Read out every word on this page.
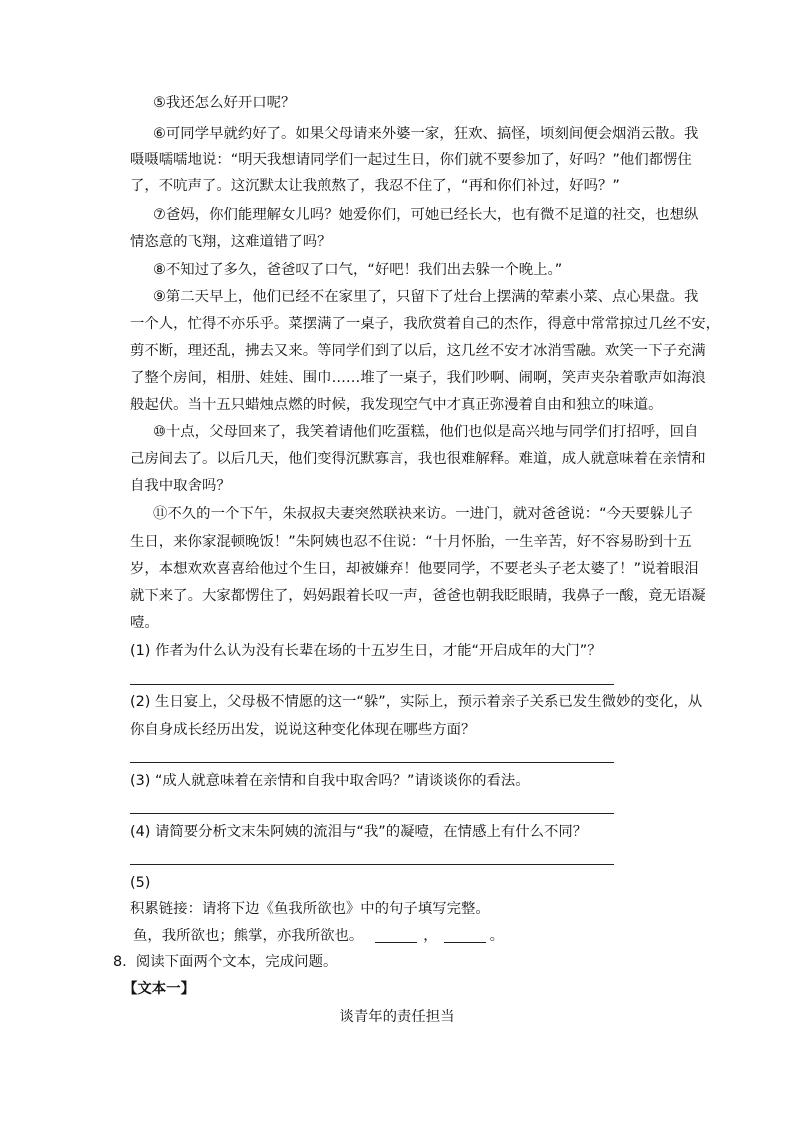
⑤我还怎么好开口呢？
⑥可同学早就约好了。如果父母请来外婆一家，狂欢、搞怪，顷刻间便会烟消云散。我
嗫嗫嚅嚅地说：“明天我想请同学们一起过生日，你们就不要参加了，好吗？”他们都愣住
了，不吭声了。这沉默太让我煎熬了，我忍不住了，“再和你们补过，好吗？”
⑦爸妈，你们能理解女儿吗？她爱你们，可她已经长大，也有微不足道的社交，也想纵
情恣意的飞翔，这难道错了吗？
⑧不知过了多久，爸爸叹了口气，“好吧！我们出去躲一个晚上。”
⑨第二天早上，他们已经不在家里了，只留下了灶台上摆满的荤素小菜、点心果盘。我
一个人，忙得不亦乐乎。菜摆满了一桌子，我欣赏着自己的杰作，得意中常常掠过几丝不安，
剪不断，理还乱，拂去又来。等同学们到了以后，这几丝不安才冰消雪融。欢笑一下子充满
了整个房间，相册、娃娃、围巾……堆了一桌子，我们吵啊、闹啊，笑声夹杂着歌声如海浪
般起伏。当十五只蜡烛点燃的时候，我发现空气中才真正弥漫着自由和独立的味道。
⑩十点，父母回来了，我笑着请他们吃蛋糕，他们也似是高兴地与同学们打招呼，回自
己房间去了。以后几天，他们变得沉默寡言，我也很难解释。难道，成人就意味着在亲情和
自我中取舍吗？
⑪不久的一个下午，朱叔叔夫妻突然联袂来访。一进门，就对爸爸说：“今天要躲儿子
生日，来你家混顿晚饭！”朱阿姨也忍不住说：“十月怀胎，一生辛苦，好不容易盼到十五
岁，本想欢欢喜喜给他过个生日，却被嫌弃！他要同学，不要老头子老太婆了！”说着眼泪
就下来了。大家都愣住了，妈妈跟着长叹一声，爸爸也朝我眨眼睛，我鼻子一酸，竟无语凝
噎。
(1) 作者为什么认为没有长辈在场的十五岁生日，才能“开启成年的大门”？
(2) 生日宴上，父母极不情愿的这一“躲”，实际上，预示着亲子关系已发生微妙的变化，从
你自身成长经历出发，说说这种变化体现在哪些方面？
(3) “成人就意味着在亲情和自我中取舍吗？”请谈谈你的看法。
(4) 请简要分析文末朱阿姨的流泪与“我”的凝噎，在情感上有什么不同？
(5)
积累链接：请将下边《鱼我所欲也》中的句子填写完整。
鱼，我所欲也；熊掌，亦我所欲也。	，	。
8.  阅读下面两个文本，完成问题。
【文本一】
谈青年的责任担当
